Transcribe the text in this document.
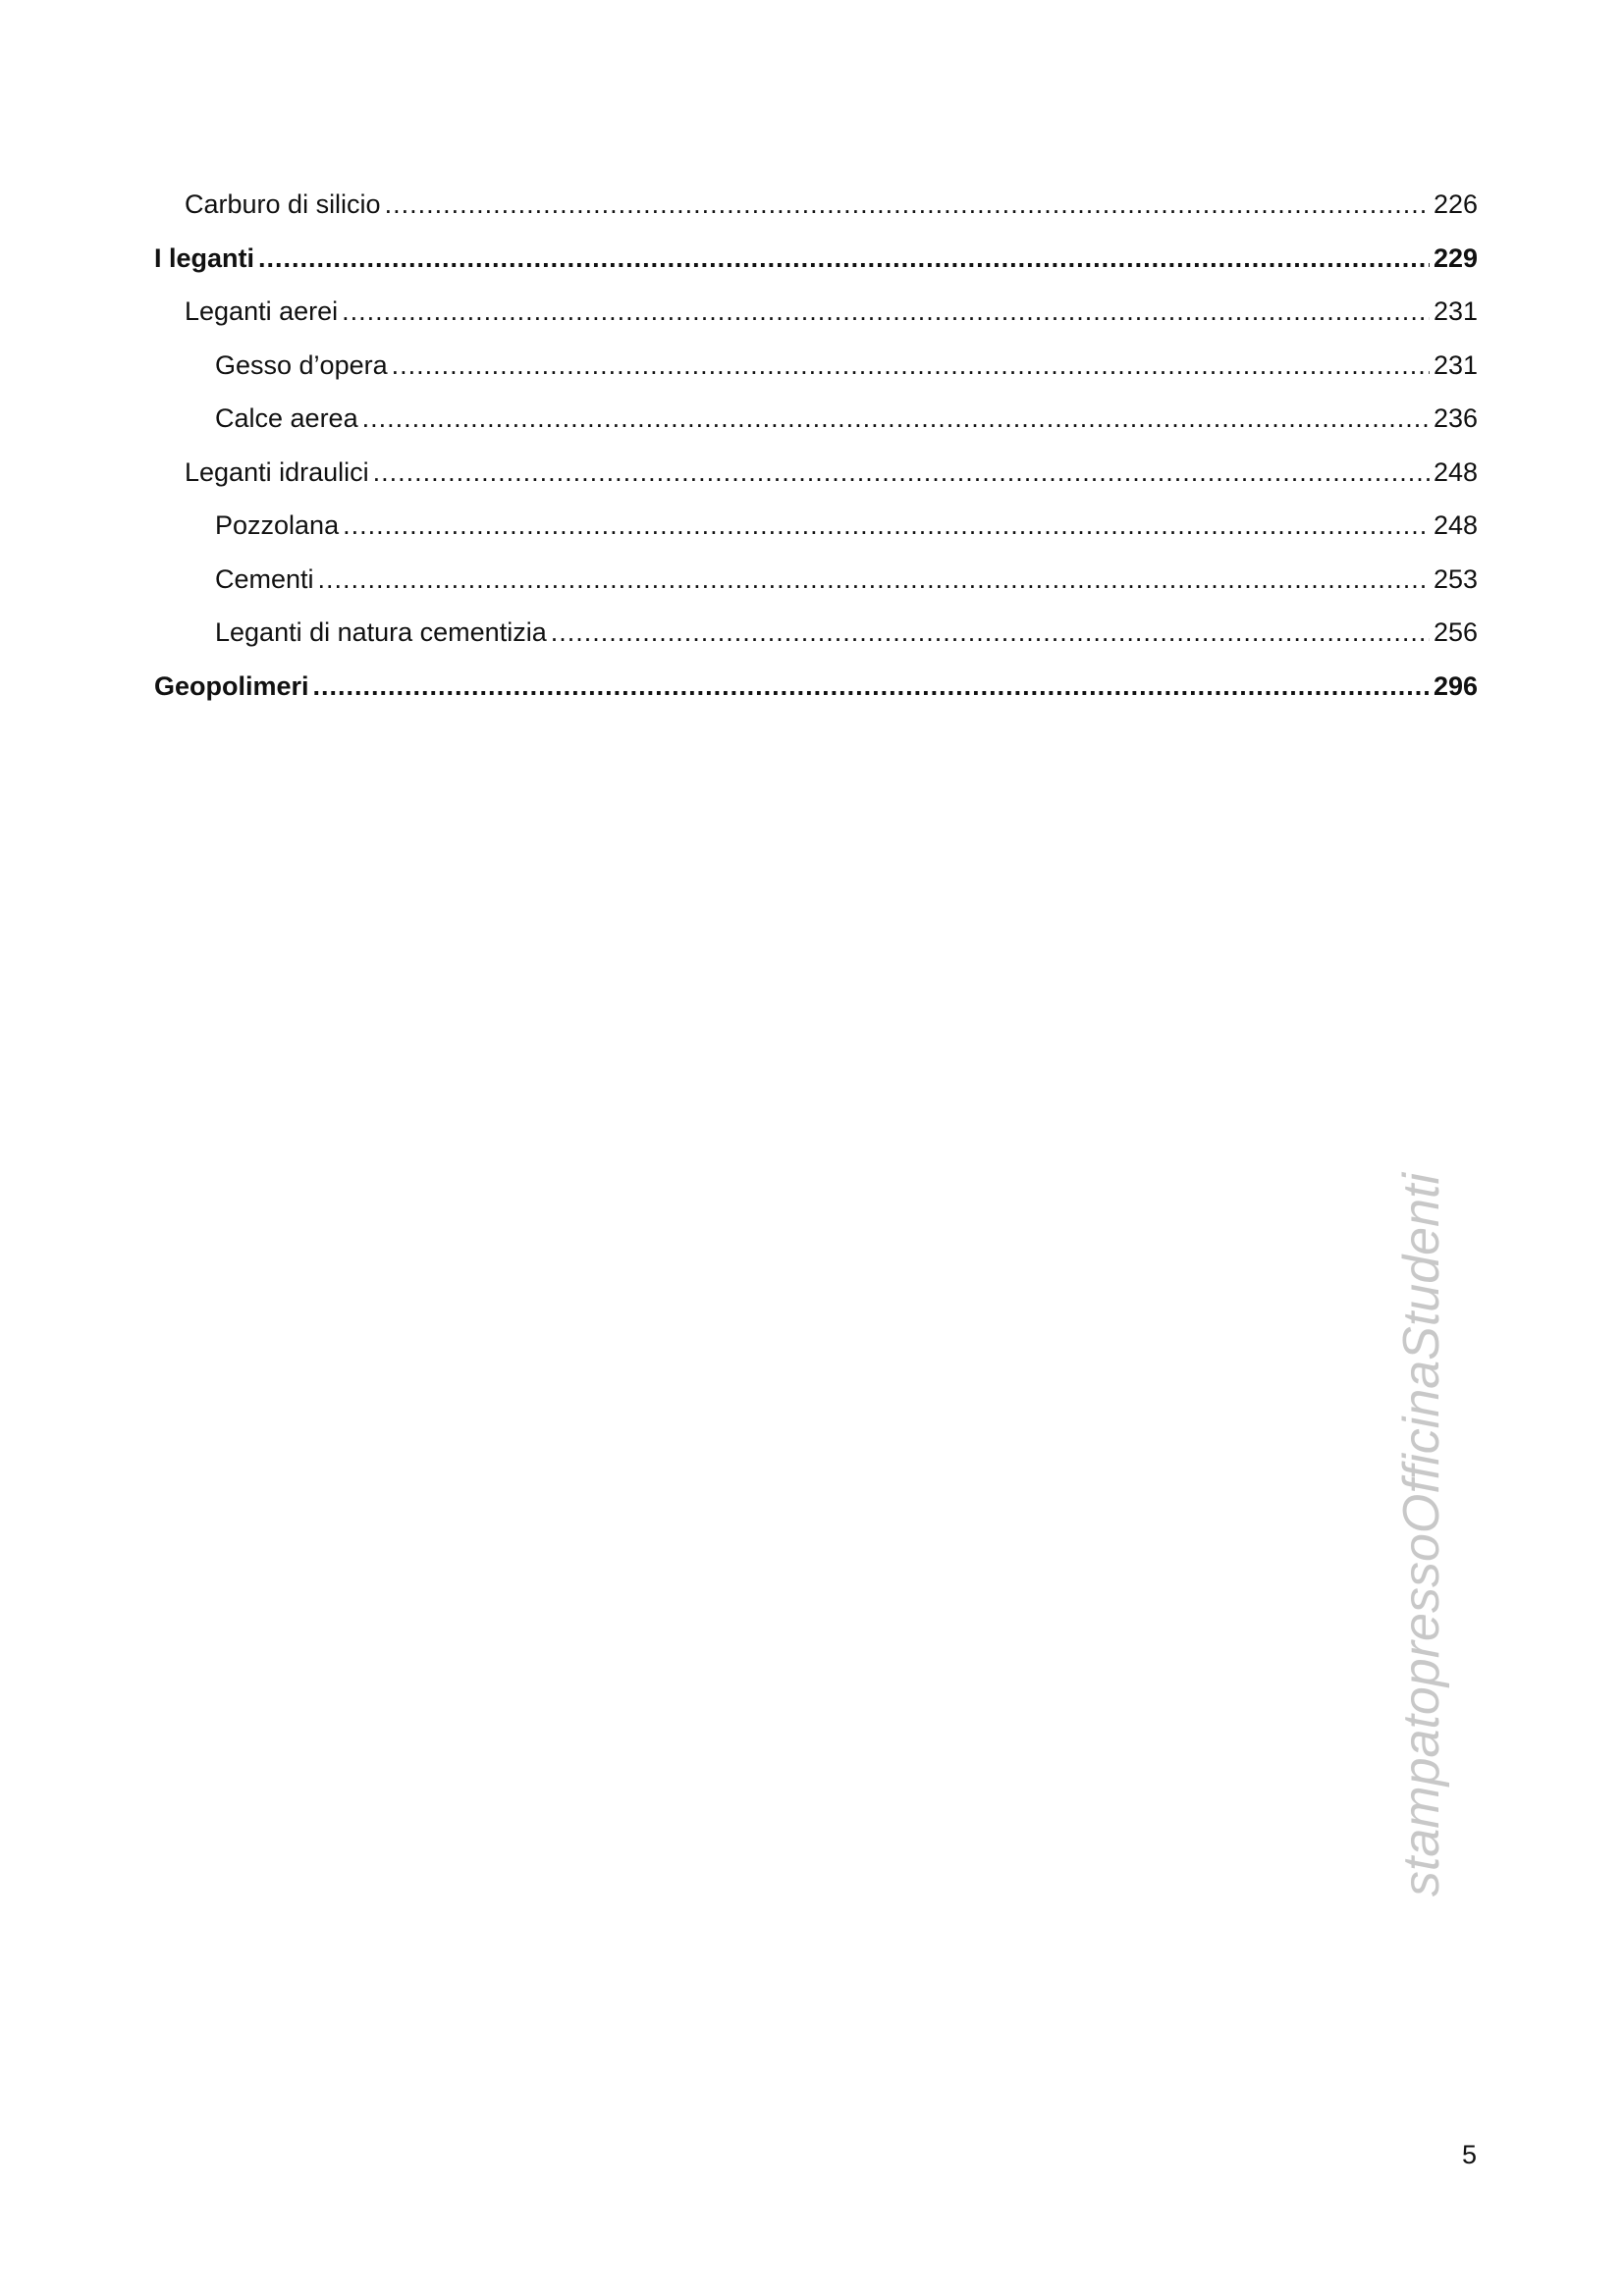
Carburo di silicio .....	226
I leganti .....	229
Leganti aerei .....	231
Gesso d’opera .....	231
Calce aerea .....	236
Leganti idraulici .....	248
Pozzolana .....	248
Cementi .....	253
Leganti di natura cementizia .....	256
Geopolimeri .....	296
stampatopressoOfficinaStudenti
5
